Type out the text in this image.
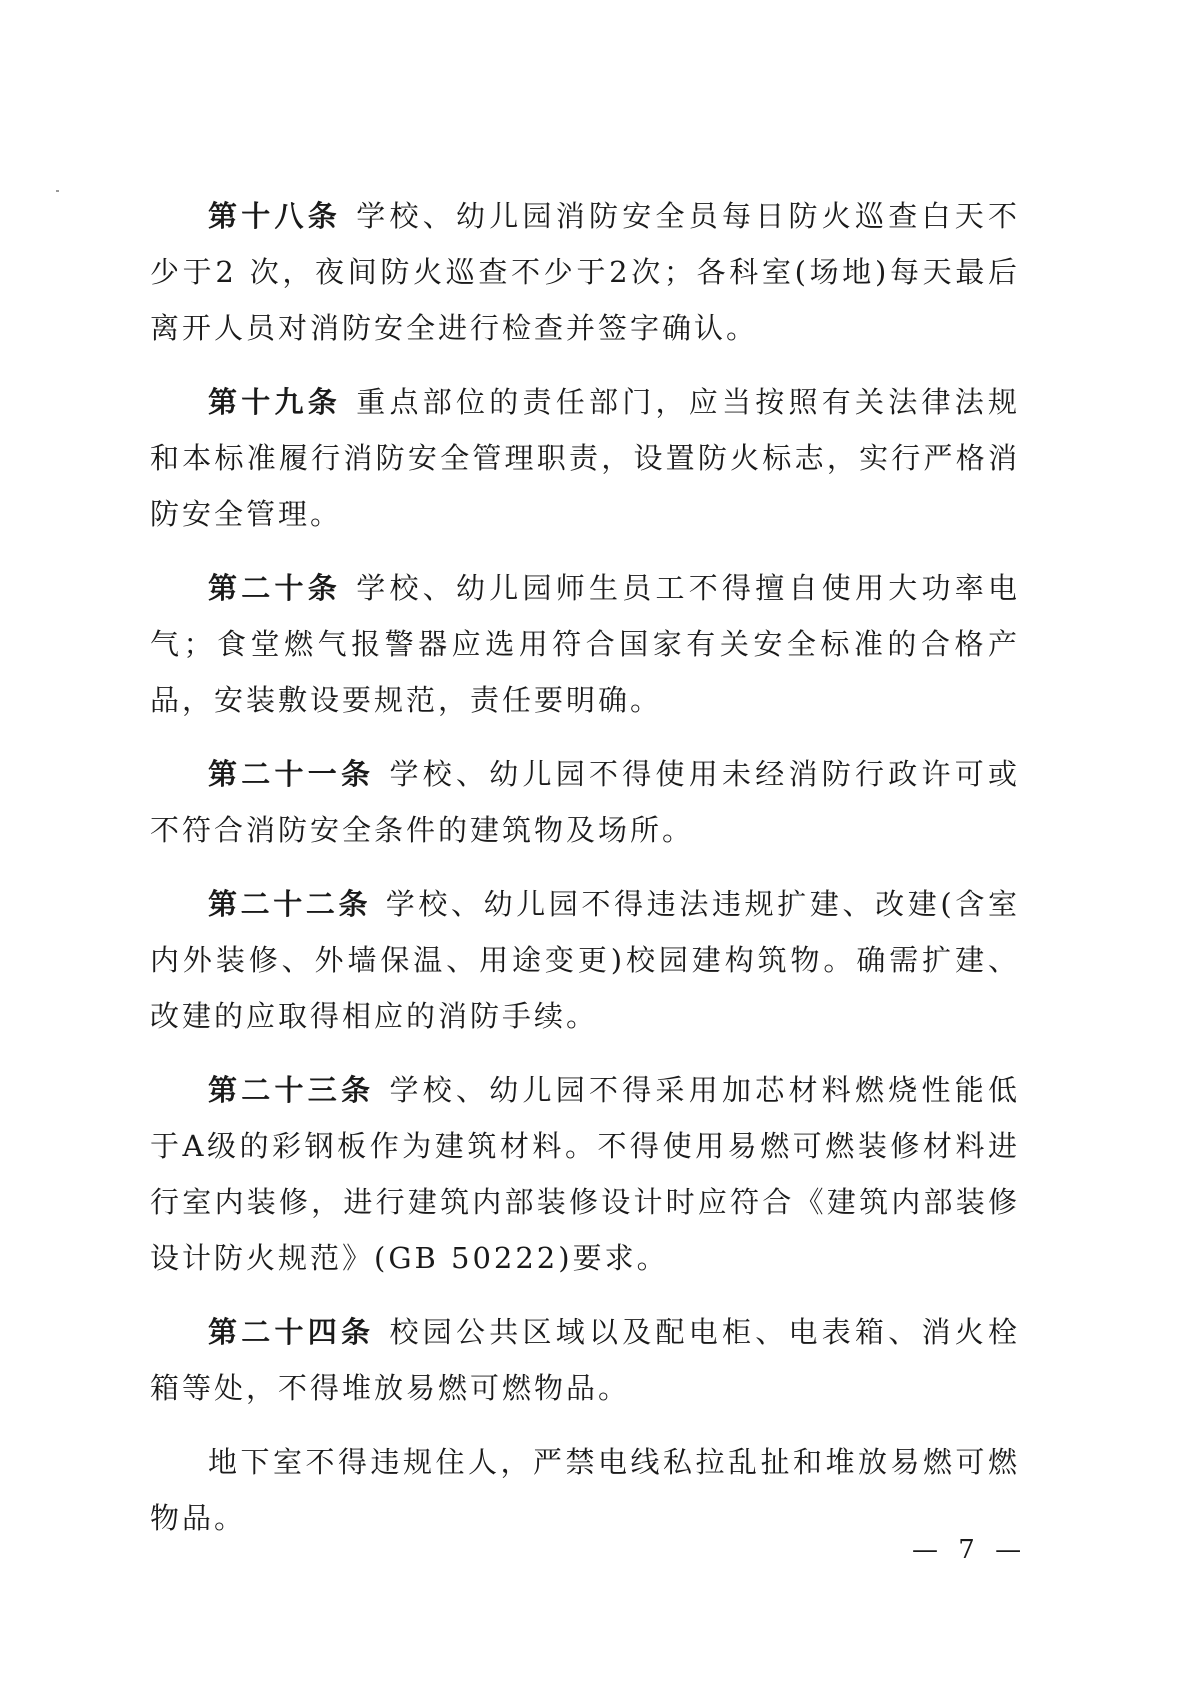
第十八条 学校、幼儿园消防安全员每日防火巡查白天不少于2 次，夜间防火巡查不少于2次；各科室(场地)每天最后离开人员对消防安全进行检查并签字确认。

第十九条 重点部位的责任部门，应当按照有关法律法规和本标准履行消防安全管理职责，设置防火标志，实行严格消防安全管理。

第二十条 学校、幼儿园师生员工不得擅自使用大功率电气；食堂燃气报警器应选用符合国家有关安全标准的合格产品，安装敷设要规范，责任要明确。

第二十一条 学校、幼儿园不得使用未经消防行政许可或不符合消防安全条件的建筑物及场所。

第二十二条 学校、幼儿园不得违法违规扩建、改建(含室内外装修、外墙保温、用途变更)校园建构筑物。确需扩建、改建的应取得相应的消防手续。

第二十三条 学校、幼儿园不得采用加芯材料燃烧性能低于A级的彩钢板作为建筑材料。不得使用易燃可燃装修材料进行室内装修，进行建筑内部装修设计时应符合《建筑内部装修设计防火规范》(GB 50222)要求。

第二十四条 校园公共区域以及配电柜、电表箱、消火栓箱等处，不得堆放易燃可燃物品。

地下室不得违规住人，严禁电线私拉乱扯和堆放易燃可燃物品。

— 7 —
